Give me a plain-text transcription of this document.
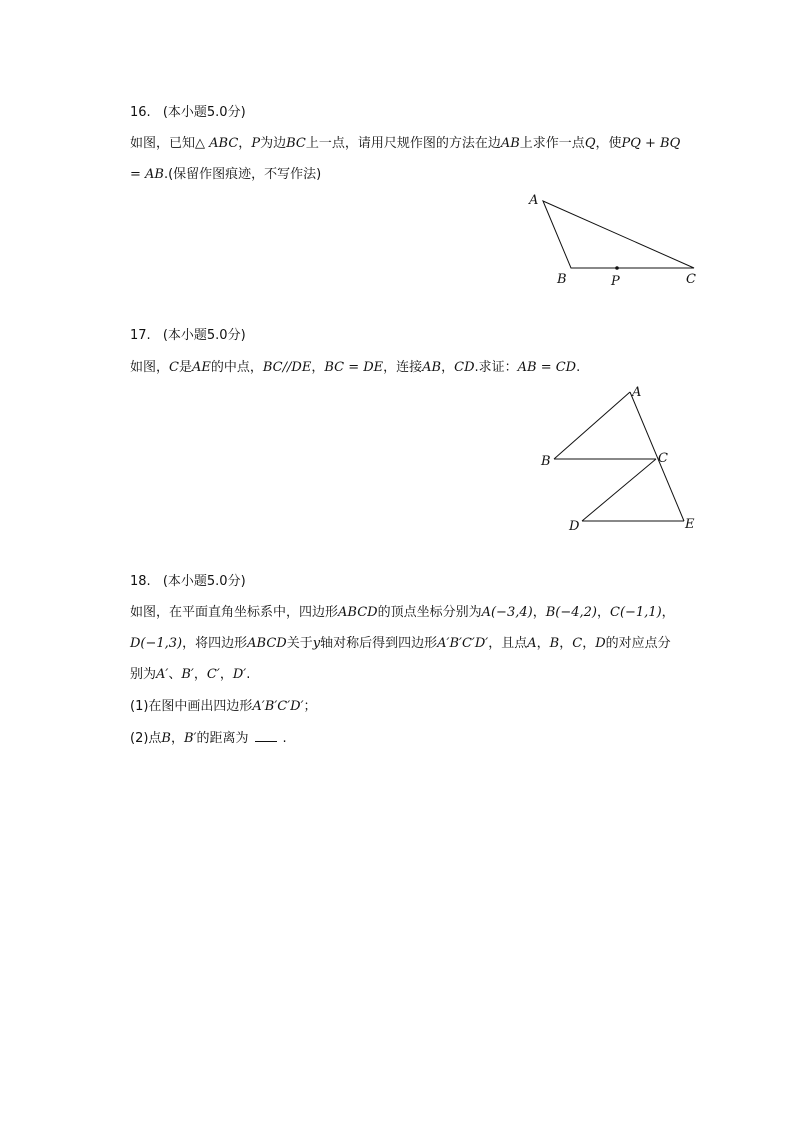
16. (本小题5.0分)
如图，已知△ ABC，P为边BC上一点，请用尺规作图的方法在边AB上求作一点Q，使PQ + BQ
= AB.(保留作图痕迹，不写作法)
A
B	P	C
17. (本小题5.0分)
如图，C是AE的中点，BC//DE，BC = DE，连接AB，CD.求证：AB = CD.
A
B	C
D	E
18. (本小题5.0分)
如图，在平面直角坐标系中，四边形ABCD的顶点坐标分别为A(−3,4)，B(−4,2)，C(−1,1)，
D(−1,3)，将四边形ABCD关于y轴对称后得到四边形A′B′C′D′，且点A，B，C，D的对应点分
别为A′、B′，C′，D′.
(1)在图中画出四边形A′B′C′D′；
(2)点B，B′的距离为	.
